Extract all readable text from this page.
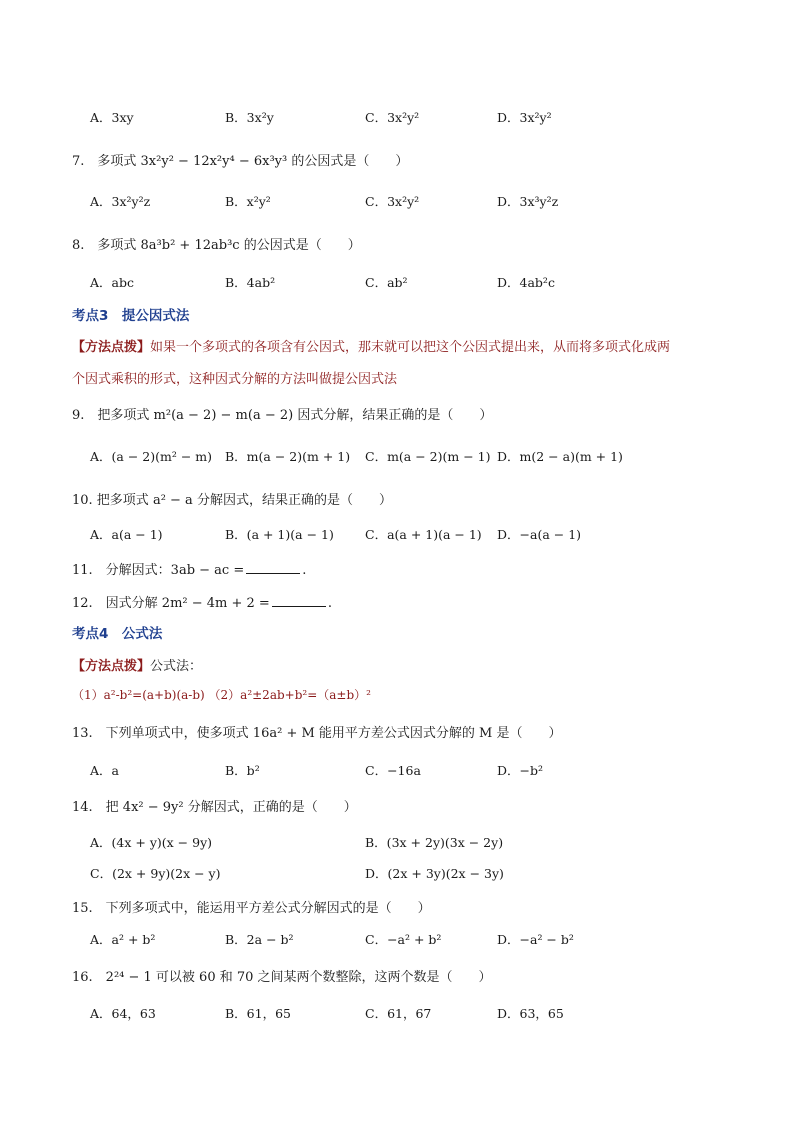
A．3xy	B．3x²y	C．3x²y²	D．3x²y²
7.　多项式 3x²y² − 12x²y⁴ − 6x³y³ 的公因式是（　　）
A．3x²y²z	B．x²y²	C．3x²y²	D．3x³y²z
8.　多项式 8a³b² + 12ab³c 的公因式是（　　）
A．abc	B．4ab²	C．ab²	D．4ab²c
考点3　提公因式法
【方法点拨】如果一个多项式的各项含有公因式，那末就可以把这个公因式提出来，从而将多项式化成两
个因式乘积的形式，这种因式分解的方法叫做提公因式法
9.　把多项式 m²(a − 2) − m(a − 2) 因式分解，结果正确的是（　　）
A．(a − 2)(m² − m) B．m(a − 2)(m + 1) C．m(a − 2)(m − 1) D．m(2 − a)(m + 1)
10. 把多项式 a² − a 分解因式，结果正确的是（　　）
A．a(a − 1)	B．(a + 1)(a − 1) C．a(a + 1)(a − 1) D．−a(a − 1)
11.　分解因式：3ab − ac =	.
12.　因式分解 2m² − 4m + 2 =	.
考点4　公式法
【方法点拨】公式法：
（1）a²-b²=(a+b)(a-b) （2）a²±2ab+b²=（a±b）²
13.　下列单项式中，使多项式 16a² + M 能用平方差公式因式分解的 M 是（　　）
A．a	B．b²	C．−16a	D．−b²
14.　把 4x² − 9y² 分解因式，正确的是（　　）
A．(4x + y)(x − 9y)	B．(3x + 2y)(3x − 2y)
C．(2x + 9y)(2x − y)	D．(2x + 3y)(2x − 3y)
15.　下列多项式中，能运用平方差公式分解因式的是（　　）
A．a² + b²	B．2a − b²	C．−a² + b²	D．−a² − b²
16.　2²⁴ − 1 可以被 60 和 70 之间某两个数整除，这两个数是（　　）
A．64，63	B．61，65	C．61，67	D．63，65
